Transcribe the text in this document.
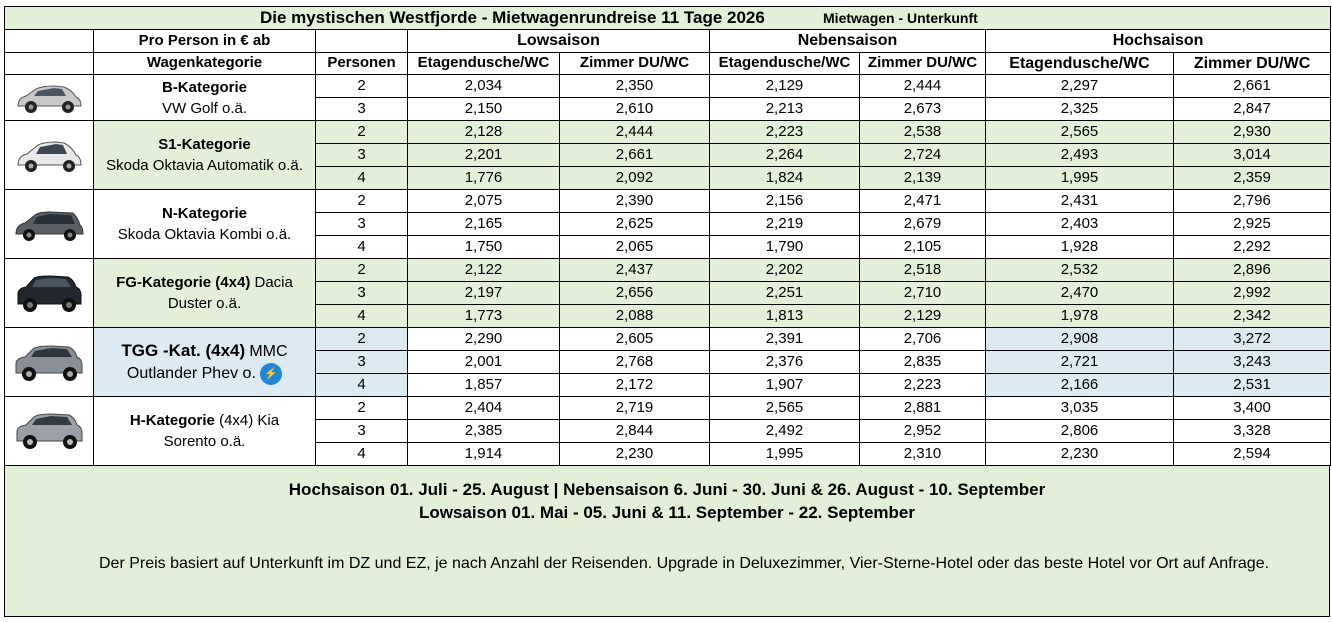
Die mystischen Westfjorde - Mietwagenrundreise 11 Tage 2026 Mietwagen - Unterkunft								
	Pro Person in € ab		Lowsaison		Nebensaison		Hochsaison	
	Wagenkategorie	Personen	Etagendusche/WC	Zimmer DU/WC	Etagendusche/WC	Zimmer DU/WC	Etagendusche/WC	Zimmer DU/WC

	B-Kategorie
VW Golf o.ä.	2	2,034	2,350	2,129	2,444	2,297	2,661
		3	2,150	2,610	2,213	2,673	2,325	2,847

	S1-Kategorie
Skoda Oktavia Automatik o.ä.	2	2,128	2,444	2,223	2,538	2,565	2,930
		3	2,201	2,661	2,264	2,724	2,493	3,014
		4	1,776	2,092	1,824	2,139	1,995	2,359

	N-Kategorie
Skoda Oktavia Kombi o.ä.	2	2,075	2,390	2,156	2,471	2,431	2,796
		3	2,165	2,625	2,219	2,679	2,403	2,925
		4	1,750	2,065	1,790	2,105	1,928	2,292

	FG-Kategorie (4x4) Dacia
Duster o.ä.	2	2,122	2,437	2,202	2,518	2,532	2,896
		3	2,197	2,656	2,251	2,710	2,470	2,992
		4	1,773	2,088	1,813	2,129	1,978	2,342

	TGG -Kat. (4x4) MMC
Outlander Phev o. ⚡	2	2,290	2,605	2,391	2,706	2,908	3,272
		3	2,001	2,768	2,376	2,835	2,721	3,243
		4	1,857	2,172	1,907	2,223	2,166	2,531

	H-Kategorie (4x4) Kia
Sorento o.ä.	2	2,404	2,719	2,565	2,881	3,035	3,400
		3	2,385	2,844	2,492	2,952	2,806	3,328
		4	1,914	2,230	1,995	2,310	2,230	2,594
Hochsaison 01. Juli - 25. August | Nebensaison 6. Juni - 30. Juni & 26. August - 10. September
Lowsaison 01. Mai - 05. Juni & 11. September - 22. September
Der Preis basiert auf Unterkunft im DZ und EZ, je nach Anzahl der Reisenden. Upgrade in Deluxezimmer, Vier-Sterne-Hotel oder das beste Hotel vor Ort auf Anfrage.
